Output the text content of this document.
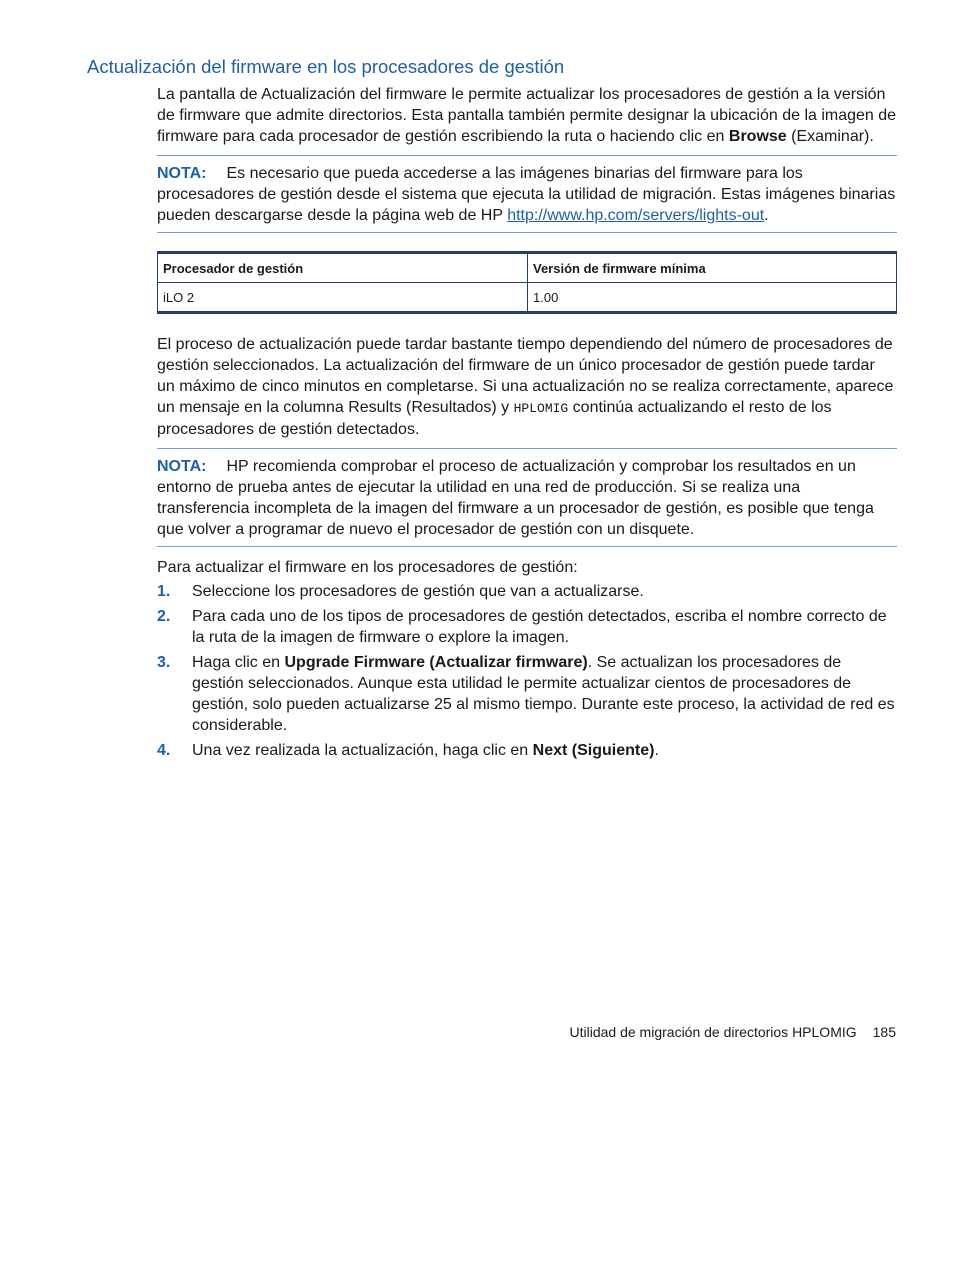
Actualización del firmware en los procesadores de gestión

La pantalla de Actualización del firmware le permite actualizar los procesadores de gestión a la versión de firmware que admite directorios. Esta pantalla también permite designar la ubicación de la imagen de firmware para cada procesador de gestión escribiendo la ruta o haciendo clic en Browse (Examinar).

NOTA: Es necesario que pueda accederse a las imágenes binarias del firmware para los procesadores de gestión desde el sistema que ejecuta la utilidad de migración. Estas imágenes binarias pueden descargarse desde la página web de HP http://www.hp.com/servers/lights-out.
Procesador de gestión	Versión de firmware mínima
iLO 2	1.00

El proceso de actualización puede tardar bastante tiempo dependiendo del número de procesadores de gestión seleccionados. La actualización del firmware de un único procesador de gestión puede tardar un máximo de cinco minutos en completarse. Si una actualización no se realiza correctamente, aparece un mensaje en la columna Results (Resultados) y HPLOMIG continúa actualizando el resto de los procesadores de gestión detectados.

NOTA: HP recomienda comprobar el proceso de actualización y comprobar los resultados en un entorno de prueba antes de ejecutar la utilidad en una red de producción. Si se realiza una transferencia incompleta de la imagen del firmware a un procesador de gestión, es posible que tenga que volver a programar de nuevo el procesador de gestión con un disquete.

Para actualizar el firmware en los procesadores de gestión:

1. Seleccione los procesadores de gestión que van a actualizarse.
2. Para cada uno de los tipos de procesadores de gestión detectados, escriba el nombre correcto de la ruta de la imagen de firmware o explore la imagen.
3. Haga clic en Upgrade Firmware (Actualizar firmware). Se actualizan los procesadores de gestión seleccionados. Aunque esta utilidad le permite actualizar cientos de procesadores de gestión, solo pueden actualizarse 25 al mismo tiempo. Durante este proceso, la actividad de red es considerable.
4. Una vez realizada la actualización, haga clic en Next (Siguiente).
Utilidad de migración de directorios HPLOMIG 185
